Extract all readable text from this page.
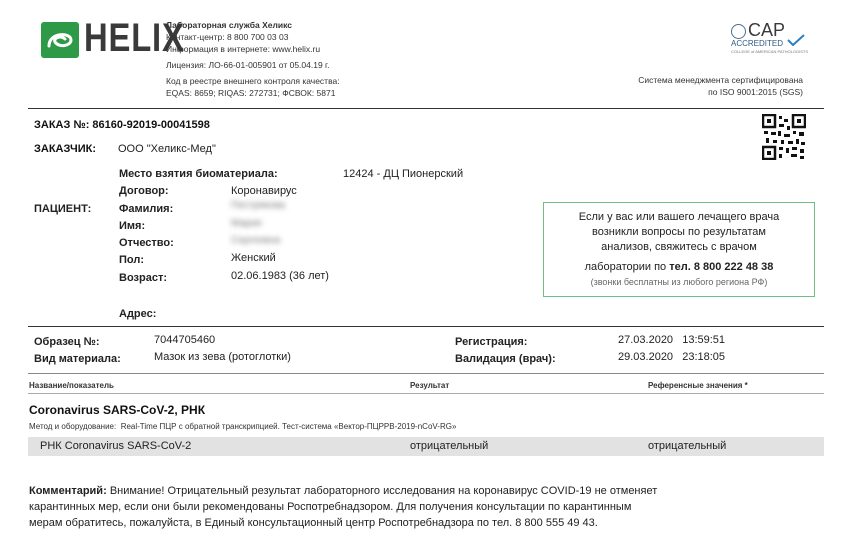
HELIX
Лабораторная служба Хеликс
Контакт-центр: 8 800 700 03 03
Информация в интернете: www.helix.ru
Лицензия: ЛО-66-01-005901 от 05.04.19 г.
Код в реестре внешнего контроля качества:
EQAS: 8659; RIQAS: 272731; ФСВОК: 5871
CAP
ACCREDITED
COLLEGE of AMERICAN PATHOLOGISTS
Система менеджмента сертифицирована
по ISO 9001:2015 (SGS)
ЗАКАЗ №: 86160-92019-00041598
ЗАКАЗЧИК: ООО "Хеликс-Мед"
ПАЦИЕНТ:
Место взятия биоматериала:	12424 - ДЦ Пионерский
Договор:	Коронавирус
Фамилия:	Пестрякова
Имя:	Мария
Отчество:	Сергеевна
Пол:	Женский
Возраст:	02.06.1983 (36 лет)
Адрес:
Если у вас или вашего лечащего врача
возникли вопросы по результатам
анализов, свяжитесь с врачом
лаборатории по тел. 8 800 222 48 38
(звонки бесплатны из любого региона РФ)
Образец №:	7044705460
Вид материала:	Мазок из зева (ротоглотки)
Регистрация:	27.03.2020   13:59:51
Валидация (врач):	29.03.2020   23:18:05
Название/показатель	Результат	Референсные значения *
Coronavirus SARS-CoV-2, РНК
Метод и оборудование: Real-Time ПЦР с обратной транскрипцией. Тест-система «Вектор-ПЦРРВ-2019-nCoV-RG»
РНК Coronavirus SARS-CoV-2	отрицательный	отрицательный
Комментарий: Внимание! Отрицательный результат лабораторного исследования на коронавирус COVID-19 не отменяет
карантинных мер, если они были рекомендованы Роспотребнадзором. Для получения консультации по карантинным
мерам обратитесь, пожалуйста, в Единый консультационный центр Роспотребнадзора по тел. 8 800 555 49 43.
